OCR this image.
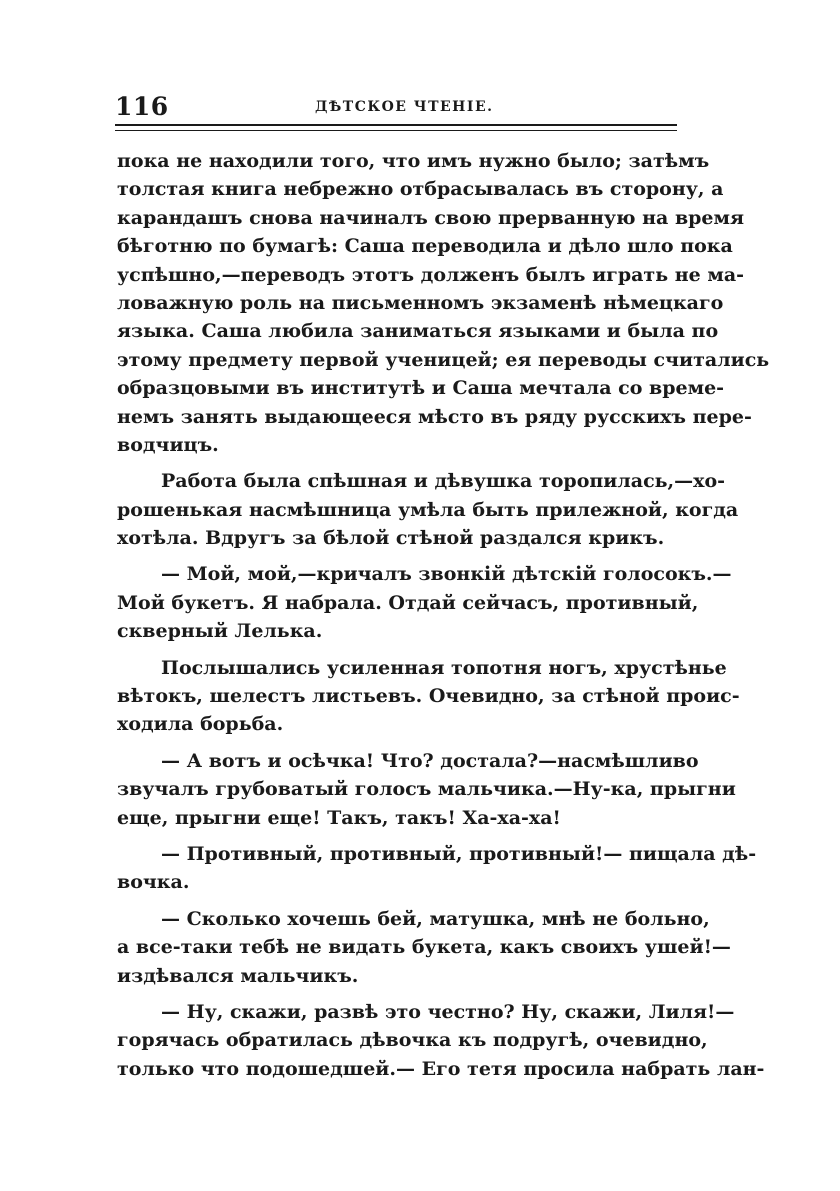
116	ДѢТСКОЕ ЧТЕНІЕ.
пока не находили того, что имъ нужно было; затѣмъ
толстая книга небрежно отбрасывалась въ сторону, а
карандашъ снова начиналъ свою прерванную на время
бѣготню по бумагѣ: Саша переводила и дѣло шло пока
успѣшно,—переводъ этотъ долженъ былъ играть не ма-
ловажную роль на письменномъ экзаменѣ нѣмецкаго
языка. Саша любила заниматься языками и была по
этому предмету первой ученицей; ея переводы считались
образцовыми въ институтѣ и Саша мечтала со време-
немъ занять выдающееся мѣсто въ ряду русскихъ пере-
водчицъ.
Работа была спѣшная и дѣвушка торопилась,—хо-
рошенькая насмѣшница умѣла быть прилежной, когда
хотѣла. Вдругъ за бѣлой стѣной раздался крикъ.
— Мой, мой,—кричалъ звонкій дѣтскій голосокъ.—
Мой букетъ. Я набрала. Отдай сейчасъ, противный,
скверный Лелька.
Послышались усиленная топотня ногъ, хрустѣнье
вѣтокъ, шелестъ листьевъ. Очевидно, за стѣной проис-
ходила борьба.
— А вотъ и осѣчка! Что? достала?—насмѣшливо
звучалъ грубоватый голосъ мальчика.—Ну-ка, прыгни
еще, прыгни еще! Такъ, такъ! Ха-ха-ха!
— Противный, противный, противный!— пищала дѣ-
вочка.
— Сколько хочешь бей, матушка, мнѣ не больно,
а все-таки тебѣ не видать букета, какъ своихъ ушей!—
издѣвался мальчикъ.
— Ну, скажи, развѣ это честно? Ну, скажи, Лиля!—
горячась обратилась дѣвочка къ подругѣ, очевидно,
только что подошедшей.— Его тетя просила набрать лан-
